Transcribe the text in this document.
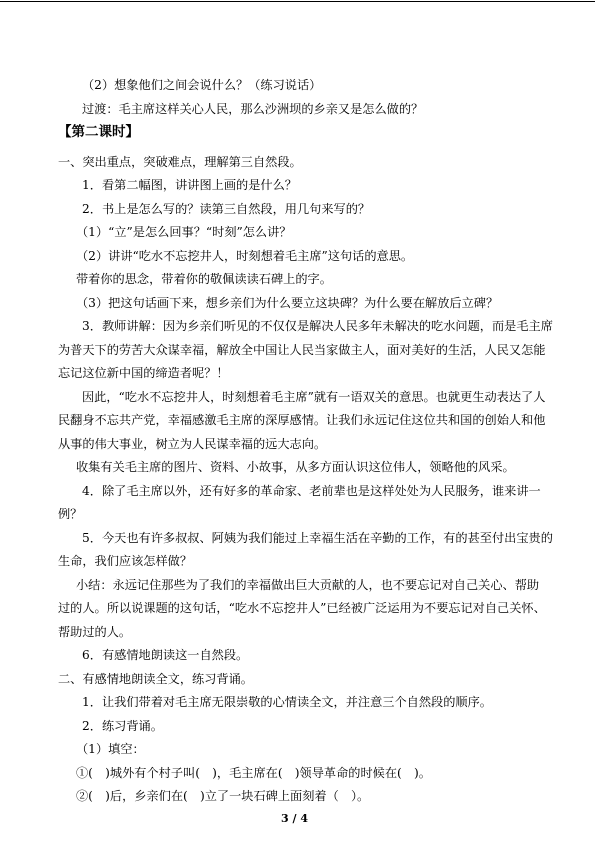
（2）想象他们之间会说什么？（练习说话）
过渡：毛主席这样关心人民，那么沙洲坝的乡亲又是怎么做的？
【第二课时】
一、突出重点，突破难点，理解第三自然段。
1．看第二幅图，讲讲图上画的是什么？
2．书上是怎么写的？读第三自然段，用几句来写的？
（1）“立”是怎么回事？“时刻”怎么讲？
（2）讲讲“吃水不忘挖井人，时刻想着毛主席”这句话的意思。
带着你的思念，带着你的敬佩读读石碑上的字。
（3）把这句话画下来，想乡亲们为什么要立这块碑？为什么要在解放后立碑？
3．教师讲解：因为乡亲们听见的不仅仅是解决人民多年未解决的吃水问题，而是毛主席
为普天下的劳苦大众谋幸福，解放全中国让人民当家做主人，面对美好的生活，人民又怎能
忘记这位新中国的缔造者呢？！
因此，“吃水不忘挖井人，时刻想着毛主席”就有一语双关的意思。也就更生动表达了人
民翻身不忘共产党，幸福感激毛主席的深厚感情。让我们永远记住这位共和国的创始人和他
从事的伟大事业，树立为人民谋幸福的远大志向。
收集有关毛主席的图片、资料、小故事，从多方面认识这位伟人，领略他的风采。
4．除了毛主席以外，还有好多的革命家、老前辈也是这样处处为人民服务，谁来讲一
例？
5．今天也有许多叔叔、阿姨为我们能过上幸福生活在辛勤的工作，有的甚至付出宝贵的
生命，我们应该怎样做？
小结：永远记住那些为了我们的幸福做出巨大贡献的人，也不要忘记对自己关心、帮助
过的人。所以说课题的这句话，“吃水不忘挖井人”已经被广泛运用为不要忘记对自己关怀、
帮助过的人。
6．有感情地朗读这一自然段。
二、有感情地朗读全文，练习背诵。
1．让我们带着对毛主席无限崇敬的心情读全文，并注意三个自然段的顺序。
2．练习背诵。
（1）填空：
①(　)城外有个村子叫(　)，毛主席在(　)领导革命的时候在(　)。
②(　)后，乡亲们在(　)立了一块石碑上面刻着（　）。
3 / 4
